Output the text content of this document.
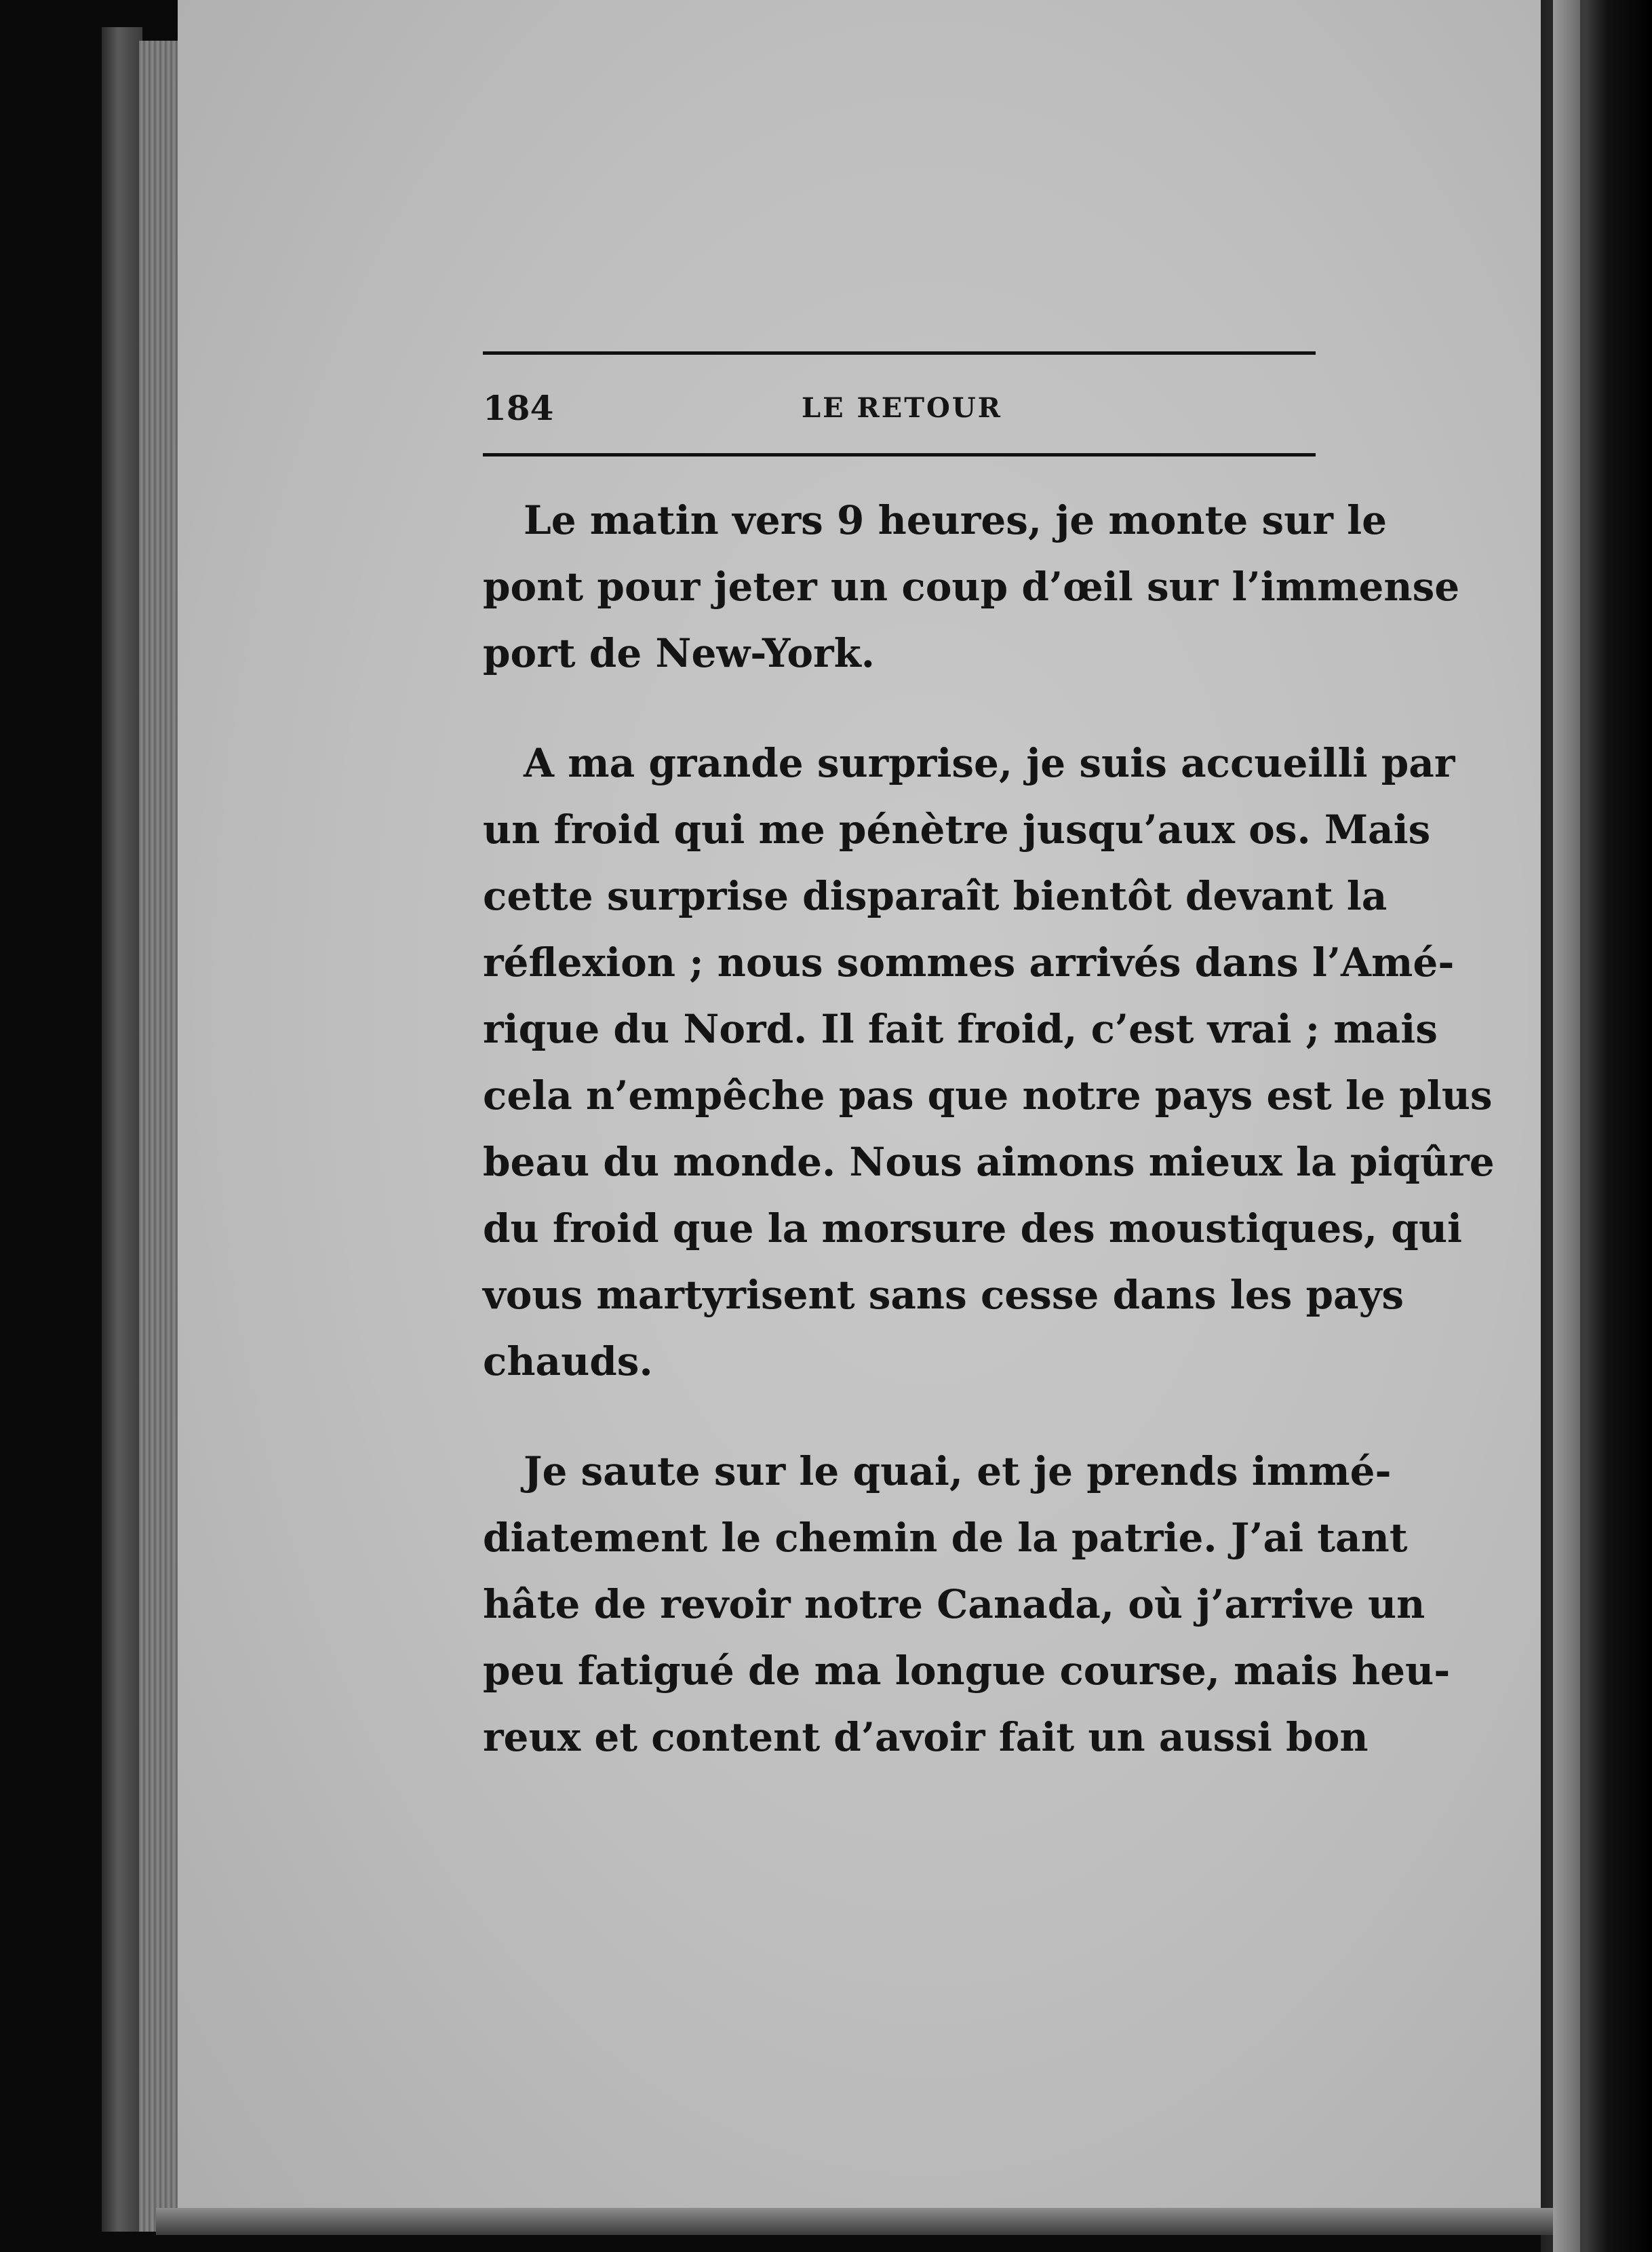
184	LE RETOUR
Le matin vers 9 heures, je monte sur le
pont pour jeter un coup d’œil sur l’immense
port de New-York.
A ma grande surprise, je suis accueilli par
un froid qui me pénètre jusqu’aux os. Mais
cette surprise disparaît bientôt devant la
réflexion ; nous sommes arrivés dans l’Amé-
rique du Nord. Il fait froid, c’est vrai ; mais
cela n’empêche pas que notre pays est le plus
beau du monde. Nous aimons mieux la piqûre
du froid que la morsure des moustiques, qui
vous martyrisent sans cesse dans les pays
chauds.
Je saute sur le quai, et je prends immé-
diatement le chemin de la patrie. J’ai tant
hâte de revoir notre Canada, où j’arrive un
peu fatigué de ma longue course, mais heu-
reux et content d’avoir fait un aussi bon
